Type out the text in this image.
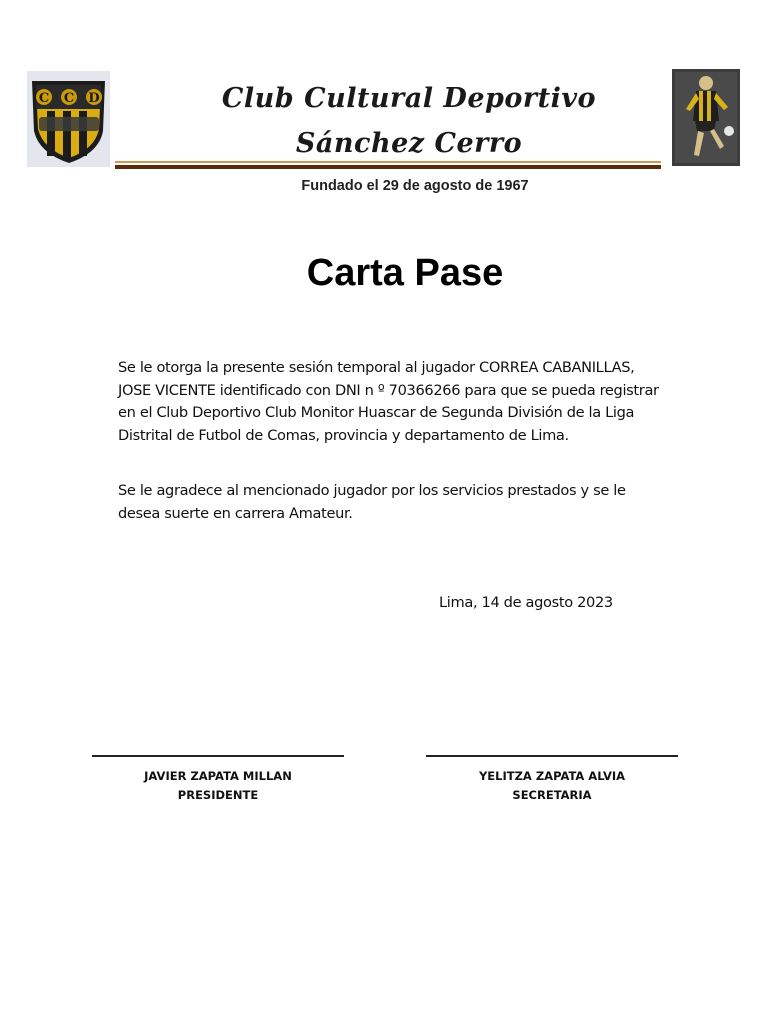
C C D	Club Cultural Deportivo
Sánchez Cerro
Fundado el 29 de agosto de 1967
Carta Pase
Se le otorga la presente sesión temporal al jugador CORREA CABANILLAS, JOSE VICENTE identificado con DNI n º 70366266 para que se pueda registrar en el Club Deportivo Club Monitor Huascar de Segunda División de la Liga Distrital de Futbol de Comas, provincia y departamento de Lima.
Se le agradece al mencionado jugador por los servicios prestados y se le desea suerte en carrera Amateur.
Lima, 14 de agosto 2023
JAVIER ZAPATA MILLAN
PRESIDENTE
YELITZA ZAPATA ALVIA
SECRETARIA
